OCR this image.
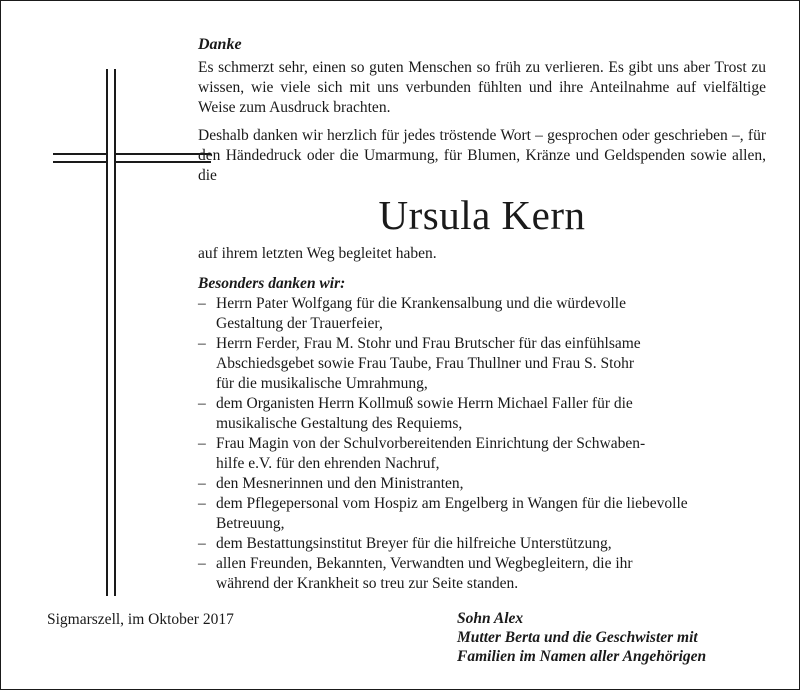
Danke

Es schmerzt sehr, einen so guten Menschen so früh zu verlieren. Es gibt uns aber Trost zu wissen, wie viele sich mit uns verbunden fühlten und ihre Anteilnahme auf vielfältige Weise zum Ausdruck brachten.

Deshalb danken wir herzlich für jedes tröstende Wort – gesprochen oder geschrieben –, für den Händedruck oder die Umarmung, für Blumen, Kränze und Geldspenden sowie allen, die

Ursula Kern

auf ihrem letzten Weg begleitet haben.

Besonders danken wir:

– Herrn Pater Wolfgang für die Krankensalbung und die würdevolle
Gestaltung der Trauerfeier,
– Herrn Ferder, Frau M. Stohr und Frau Brutscher für das einfühlsame
Abschiedsgebet sowie Frau Taube, Frau Thullner und Frau S. Stohr
für die musikalische Umrahmung,
– dem Organisten Herrn Kollmuß sowie Herrn Michael Faller für die
musikalische Gestaltung des Requiems,
– Frau Magin von der Schulvorbereitenden Einrichtung der Schwaben-
hilfe e.V. für den ehrenden Nachruf,
– den Mesnerinnen und den Ministranten,
– dem Pflegepersonal vom Hospiz am Engelberg in Wangen für die liebevolle
Betreuung,
– dem Bestattungsinstitut Breyer für die hilfreiche Unterstützung,
– allen Freunden, Bekannten, Verwandten und Wegbegleitern, die ihr
während der Krankheit so treu zur Seite standen.
Sigmarszell, im Oktober 2017	Sohn Alex
Mutter Berta und die Geschwister mit
Familien im Namen aller Angehörigen
